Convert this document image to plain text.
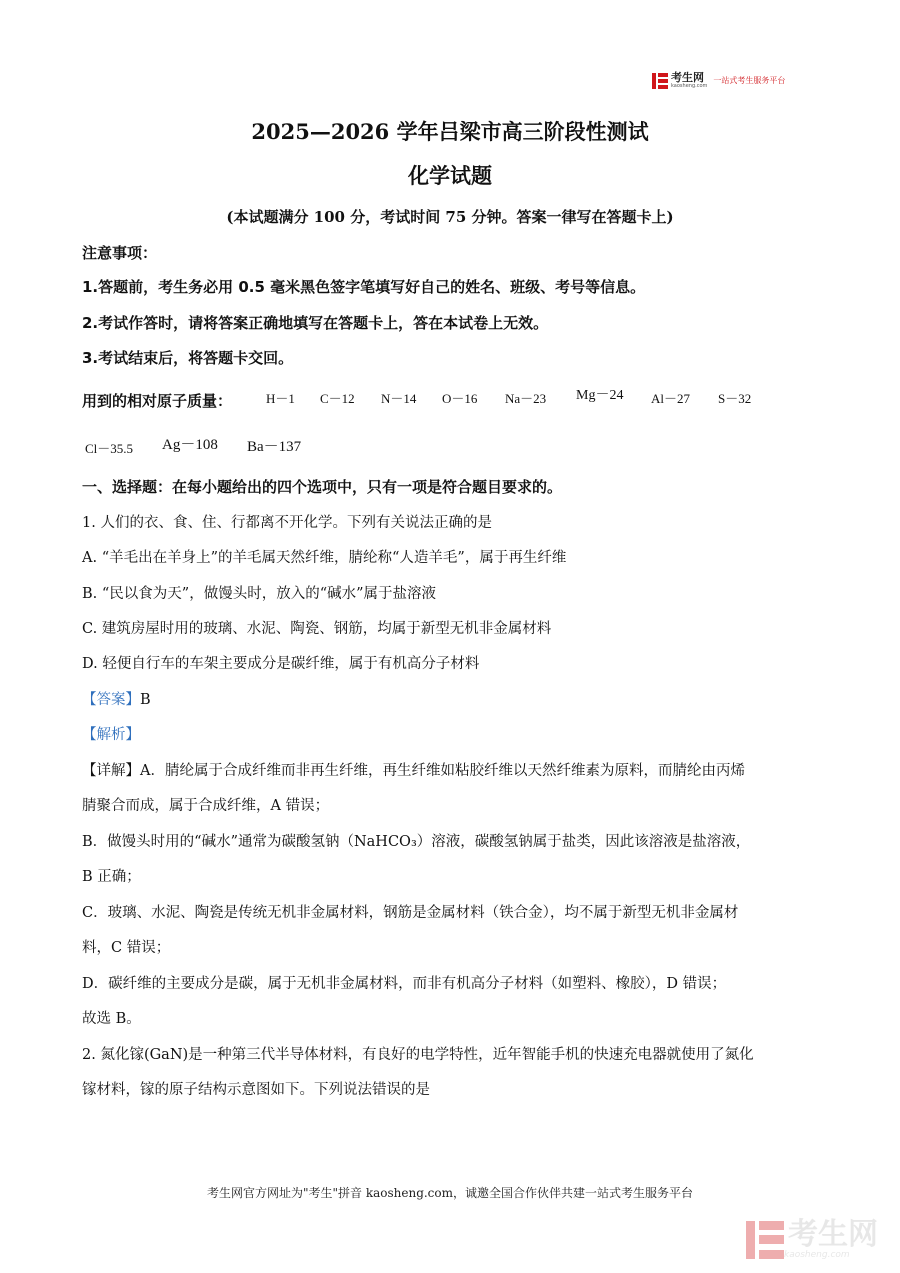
考生网
kaosheng.com
一站式考生服务平台
2025—2026 学年吕梁市高三阶段性测试
化学试题
(本试题满分 100 分，考试时间 75 分钟。答案一律写在答题卡上)
注意事项：
1.答题前，考生务必用 0.5 毫米黑色签字笔填写好自己的姓名、班级、考号等信息。
2.考试作答时，请将答案正确地填写在答题卡上，答在本试卷上无效。
3.考试结束后，将答题卡交回。
用到的相对原子质量：	H－1 C－12 N－14 O－16 Na－23 Mg－24 Al－27 S－32
Cl－35.5 Ag－108 Ba－137
一、选择题：在每小题给出的四个选项中，只有一项是符合题目要求的。
1. 人们的衣、食、住、行都离不开化学。下列有关说法正确的是
A. “羊毛出在羊身上”的羊毛属天然纤维，腈纶称“人造羊毛”，属于再生纤维
B. “民以食为天”，做馒头时，放入的“碱水”属于盐溶液
C. 建筑房屋时用的玻璃、水泥、陶瓷、钢筋，均属于新型无机非金属材料
D. 轻便自行车的车架主要成分是碳纤维，属于有机高分子材料
【答案】B
【解析】
【详解】A．腈纶属于合成纤维而非再生纤维，再生纤维如粘胶纤维以天然纤维素为原料，而腈纶由丙烯
腈聚合而成，属于合成纤维，A 错误；
B．做馒头时用的“碱水”通常为碳酸氢钠（NaHCO₃）溶液，碳酸氢钠属于盐类，因此该溶液是盐溶液，
B 正确；
C．玻璃、水泥、陶瓷是传统无机非金属材料，钢筋是金属材料（铁合金），均不属于新型无机非金属材
料，C 错误；
D．碳纤维的主要成分是碳，属于无机非金属材料，而非有机高分子材料（如塑料、橡胶），D 错误；
故选 B。
2. 氮化镓(GaN)是一种第三代半导体材料，有良好的电学特性，近年智能手机的快速充电器就使用了氮化
镓材料，镓的原子结构示意图如下。下列说法错误的是
考生网官方网址为"考生"拼音 kaosheng.com，诚邀全国合作伙伴共建一站式考生服务平台
考生网
kaosheng.com
